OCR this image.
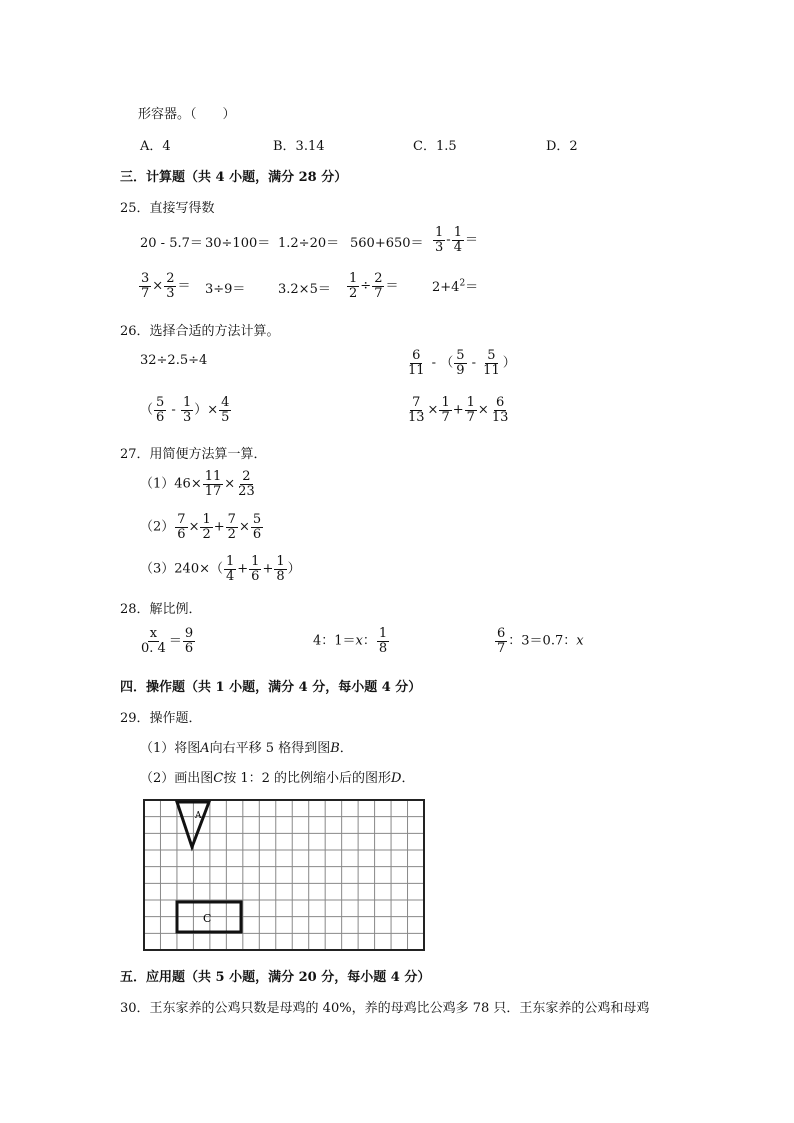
形容器。（　　）
A．4	B．3.14	C．1.5	D．2
三．计算题（共 4 小题，满分 28 分）
25．直接写得数
$20 - 5.7= 30\div 100= 1.2\div 20= 560+650= \frac{1}{3} - \frac{1}{4}$ ＝
$\frac{3}{7} \times \frac{2}{3} = 3\div 9=$	$3.2\times 5= \frac{1}{2} \div \frac{2}{7}$ ＝	$2+4^2=$
26．选择合适的方法计算。
32÷2.5÷4	$\frac{6}{11}$ - （ $\frac{5}{9} - \frac{5}{11}$ ）
（ $\frac{5}{6} - \frac{1}{3}$ ）× $\frac{4}{5}$	$\frac{7}{13} \times \frac{1}{7} + \frac{1}{7} \times \frac{6}{13}$
27．用简便方法算一算．
$(1)46\times \frac{11}{17} \times \frac{2}{23}$
$(2) \frac{7}{6} \times \frac{1}{2} + \frac{7}{2} \times \frac{5}{6}$
$(3)240\times( \frac{1}{4} + \frac{1}{6} + \frac{1}{8}$ ）
28．解比例．
$\frac{x}{0. 4} = \frac{9}{6}$	4：1＝x： $\frac{1}{8}$	$\frac{6}{7}$ ：3＝0.7：x
四．操作题（共 1 小题，满分 4 分，每小题 4 分）
29．操作题．
（1）将图A向右平移 5 格得到图B．
（2）画出图C按 1：2 的比例缩小后的图形D．
A
C
五．应用题（共 5 小题，满分 20 分，每小题 4 分）
30．王东家养的公鸡只数是母鸡的 40%，养的母鸡比公鸡多 78 只．王东家养的公鸡和母鸡
